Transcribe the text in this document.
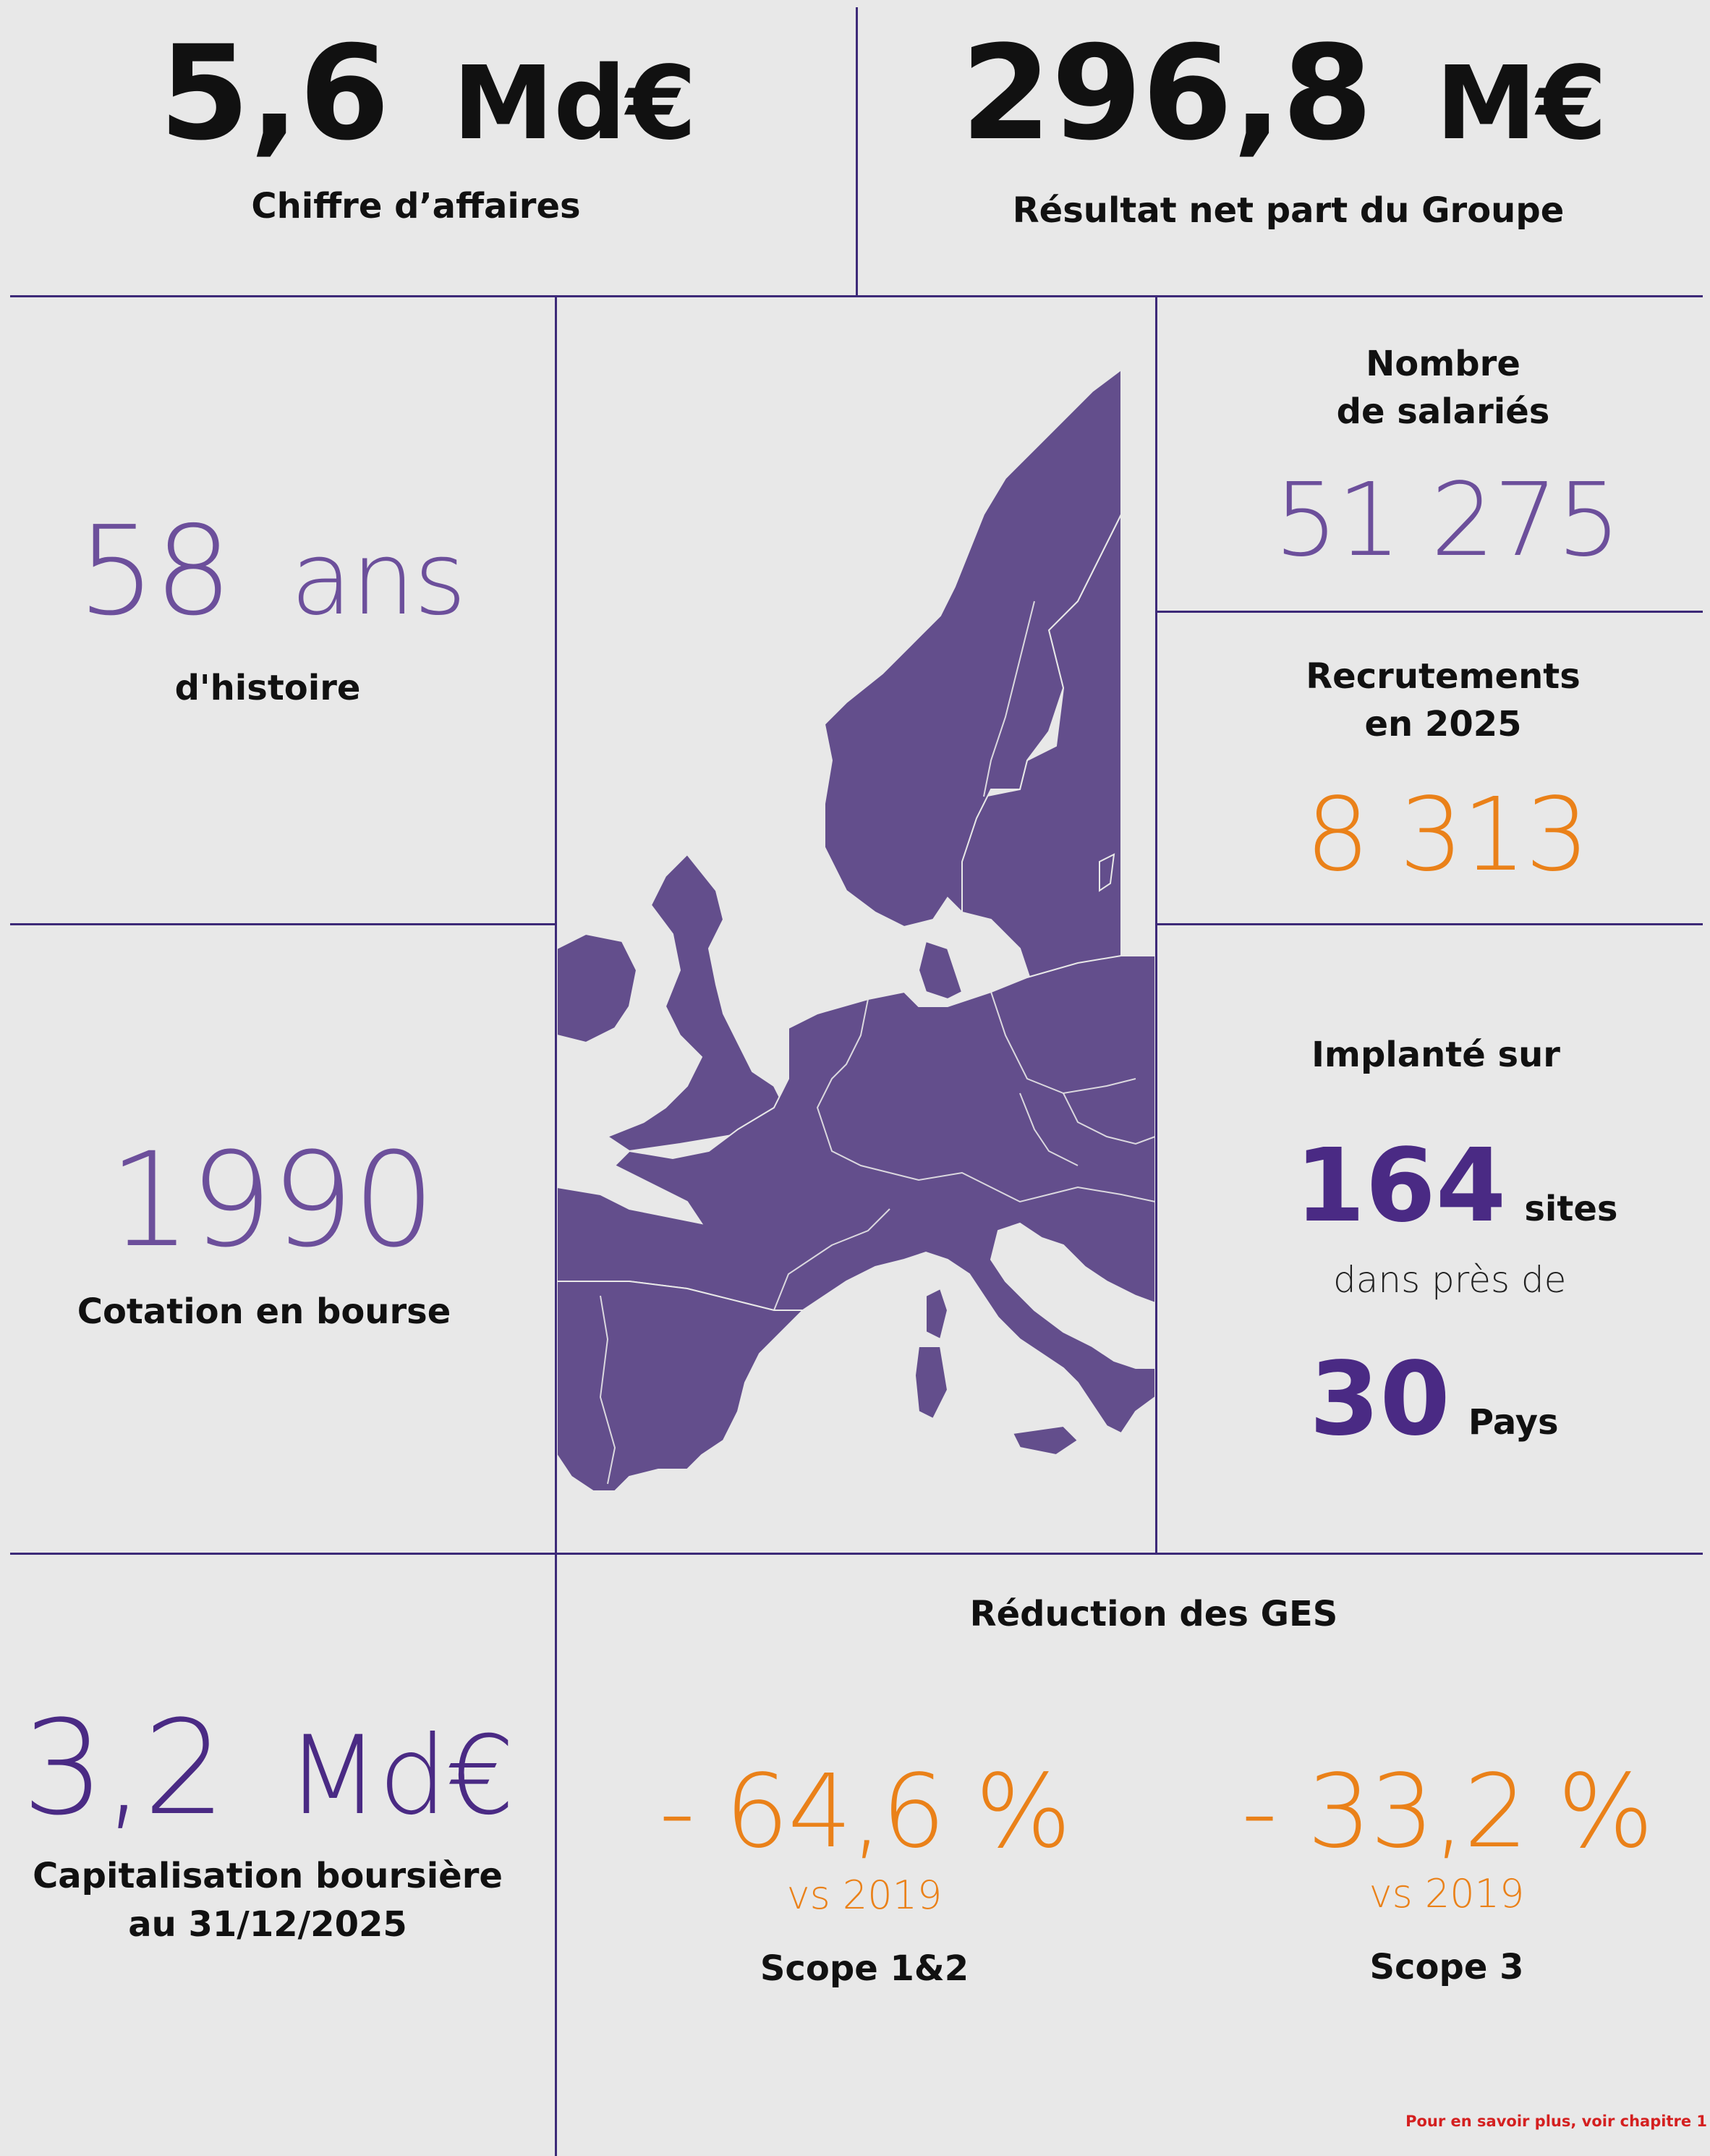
5,6 Md€
Chiffre d’affaires
296,8 M€
Résultat net part du Groupe
58 ans
d'histoire
1990
Cotation en bourse
3,2 Md€
Capitalisation boursière
au 31/12/2025
Nombre
de salariés
51 275
Recrutements
en 2025
8 313
Implanté sur
164 sites
dans près de
30 Pays
Réduction des GES
- 64,6 %
vs 2019
Scope 1&2
- 33,2 %
vs 2019
Scope 3
Pour en savoir plus, voir chapitre 1
